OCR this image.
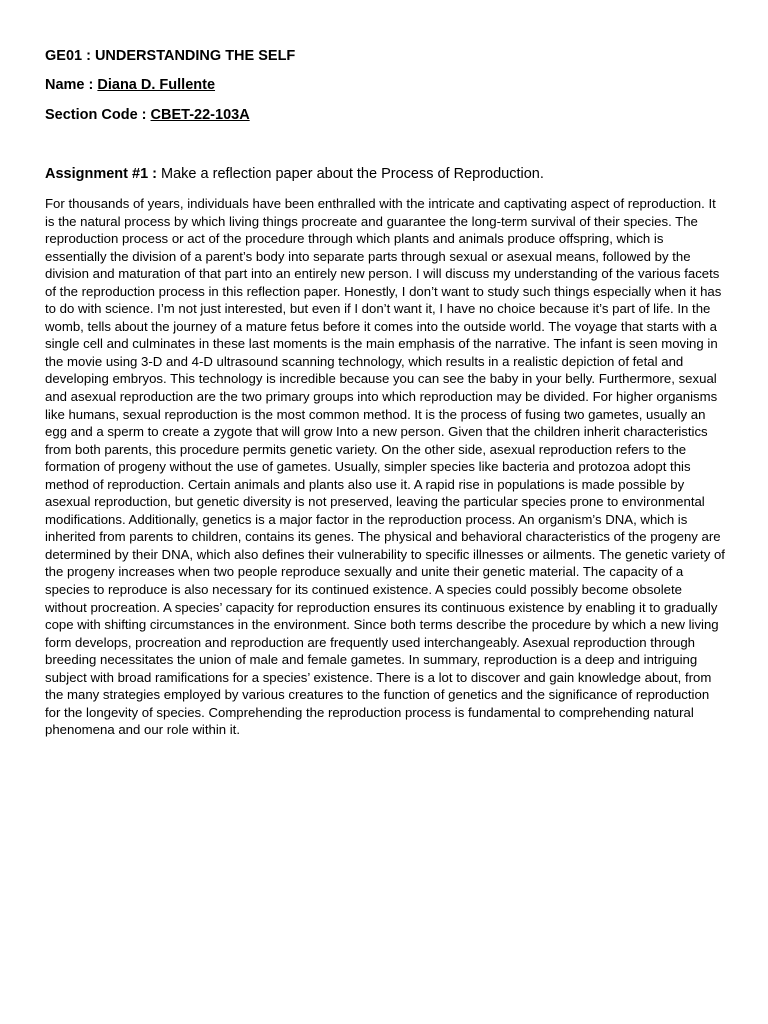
GE01 : UNDERSTANDING THE SELF
Name : Diana D. Fullente
Section Code : CBET-22-103A
Assignment #1 : Make a reflection paper about the Process of Reproduction.

For thousands of years, individuals have been enthralled with the intricate and captivating aspect of reproduction. It is the natural process by which living things procreate and guarantee the long-term survival of their species. The reproduction process or act of the procedure through which plants and animals produce offspring, which is essentially the division of a parent’s body into separate parts through sexual or asexual means, followed by the division and maturation of that part into an entirely new person. I will discuss my understanding of the various facets of the reproduction process in this reflection paper. Honestly, I don’t want to study such things especially when it has to do with science. I’m not just interested, but even if I don’t want it, I have no choice because it’s part of life. In the womb, tells about the journey of a mature fetus before it comes into the outside world. The voyage that starts with a single cell and culminates in these last moments is the main emphasis of the narrative. The infant is seen moving in the movie using 3-D and 4-D ultrasound scanning technology, which results in a realistic depiction of fetal and developing embryos. This technology is incredible because you can see the baby in your belly. Furthermore, sexual and asexual reproduction are the two primary groups into which reproduction may be divided. For higher organisms like humans, sexual reproduction is the most common method. It is the process of fusing two gametes, usually an egg and a sperm to create a zygote that will grow Into a new person. Given that the children inherit characteristics from both parents, this procedure permits genetic variety. On the other side, asexual reproduction refers to the formation of progeny without the use of gametes. Usually, simpler species like bacteria and protozoa adopt this method of reproduction. Certain animals and plants also use it. A rapid rise in populations is made possible by asexual reproduction, but genetic diversity is not preserved, leaving the particular species prone to environmental modifications. Additionally, genetics is a major factor in the reproduction process. An organism’s DNA, which is inherited from parents to children, contains its genes. The physical and behavioral characteristics of the progeny are determined by their DNA, which also defines their vulnerability to specific illnesses or ailments. The genetic variety of the progeny increases when two people reproduce sexually and unite their genetic material. The capacity of a species to reproduce is also necessary for its continued existence. A species could possibly become obsolete without procreation. A species’ capacity for reproduction ensures its continuous existence by enabling it to gradually cope with shifting circumstances in the environment. Since both terms describe the procedure by which a new living form develops, procreation and reproduction are frequently used interchangeably. Asexual reproduction through breeding necessitates the union of male and female gametes. In summary, reproduction is a deep and intriguing subject with broad ramifications for a species’ existence. There is a lot to discover and gain knowledge about, from the many strategies employed by various creatures to the function of genetics and the significance of reproduction for the longevity of species. Comprehending the reproduction process is fundamental to comprehending natural phenomena and our role within it.
